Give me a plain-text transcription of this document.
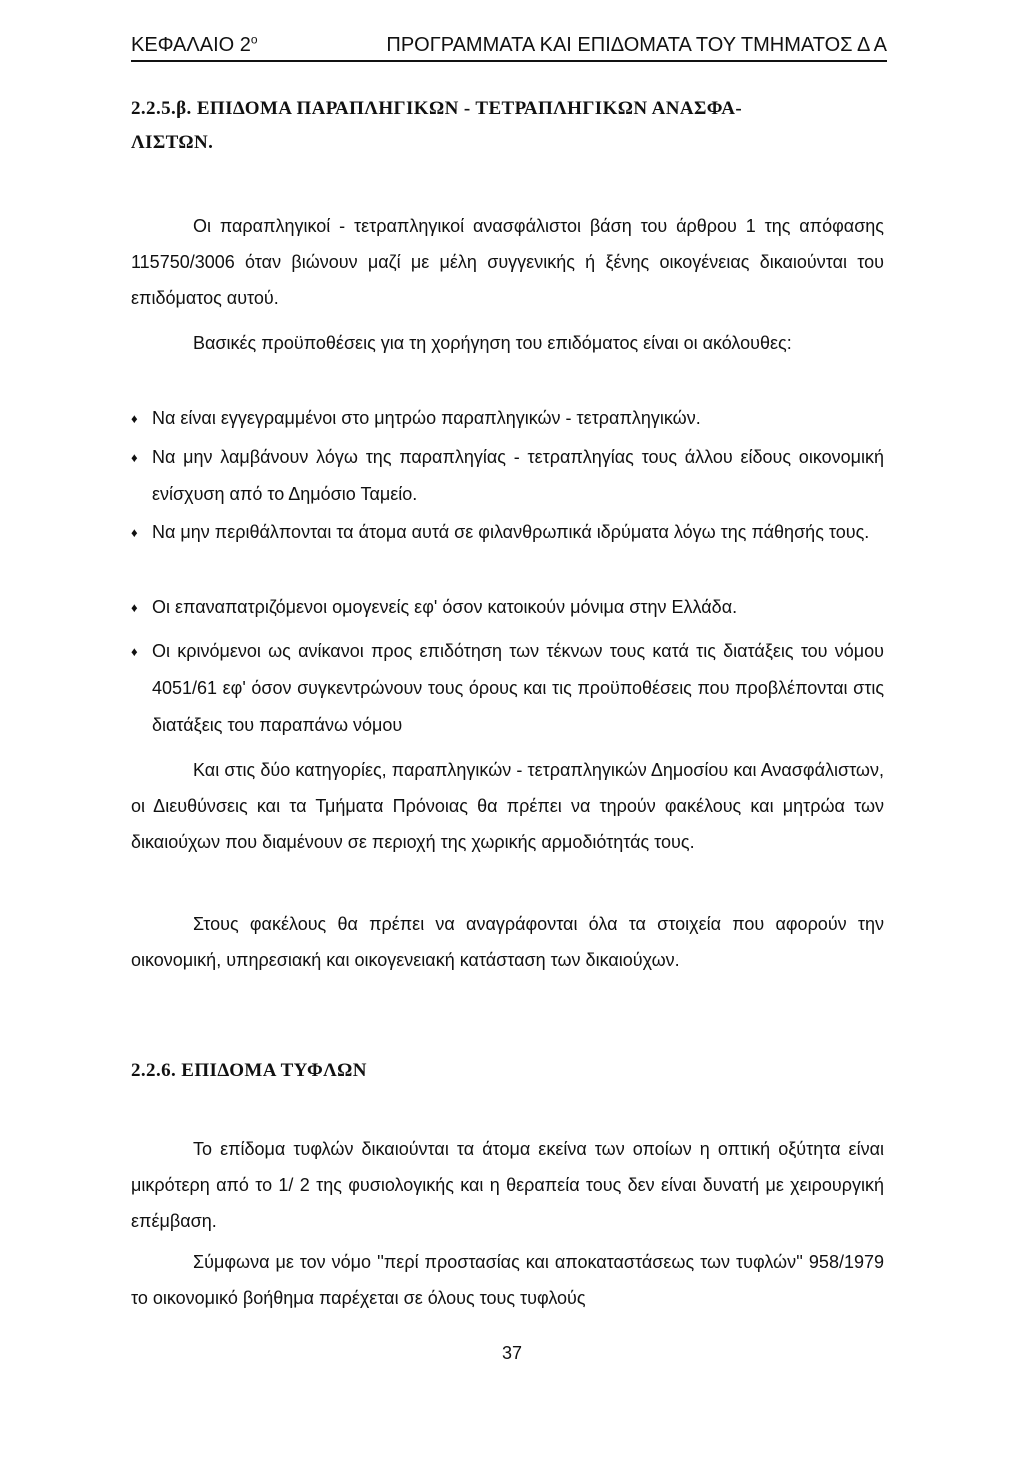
ΚΕΦΑΛΑΙΟ $2^o$	ΠΡΟΓΡΑΜΜΑΤΑ ΚΑΙ ΕΠΙΔΟΜΑΤΑ ΤΟΥ ΤΜΗΜΑΤΟΣ Δ Α
2.2.5.β. ΕΠΙΔΟΜΑ ΠΑΡΑΠΛΗΓΙΚΩΝ - ΤΕΤΡΑΠΛΗΓΙΚΩΝ ΑΝΑΣΦΑ-
ΛΙΣΤΩΝ.
Οι παραπληγικοί - τετραπληγικοί ανασφάλιστοι βάση του άρθρου 1 της απόφασης 115750/3006 όταν βιώνουν μαζί με μέλη συγγενικής ή ξένης οικογένειας δικαιούνται του επιδόματος αυτού.
Βασικές προϋποθέσεις για τη χορήγηση του επιδόματος είναι οι ακόλουθες:
♦ Να είναι εγγεγραμμένοι στο μητρώο παραπληγικών - τετραπληγικών.
♦ Να μην λαμβάνουν λόγω της παραπληγίας - τετραπληγίας τους άλλου είδους οικονομική ενίσχυση από το Δημόσιο Ταμείο.
♦ Να μην περιθάλπονται τα άτομα αυτά σε φιλανθρωπικά ιδρύματα λόγω της πάθησής τους.
♦ Οι επαναπατριζόμενοι ομογενείς εφ' όσον κατοικούν μόνιμα στην Ελλάδα.
♦ Οι κρινόμενοι ως ανίκανοι προς επιδότηση των τέκνων τους κατά τις διατάξεις του νόμου 4051/61 εφ' όσον συγκεντρώνουν τους όρους και τις προϋποθέσεις που προβλέπονται στις διατάξεις του παραπάνω νόμου
Και στις δύο κατηγορίες, παραπληγικών - τετραπληγικών Δημοσίου και Ανασφάλιστων, οι Διευθύνσεις και τα Τμήματα Πρόνοιας θα πρέπει να τηρούν φακέλους και μητρώα των δικαιούχων που διαμένουν σε περιοχή της χωρικής αρμοδιότητάς τους.
Στους φακέλους θα πρέπει να αναγράφονται όλα τα στοιχεία που αφορούν την οικονομική, υπηρεσιακή και οικογενειακή κατάσταση των δικαιούχων.
2.2.6. ΕΠΙΔΟΜΑ ΤΥΦΛΩΝ
Το επίδομα τυφλών δικαιούνται τα άτομα εκείνα των οποίων η οπτική οξύτητα είναι μικρότερη από το 1/ 2 της φυσιολογικής και η θεραπεία τους δεν είναι δυνατή με χειρουργική επέμβαση.
Σύμφωνα με τον νόμο ''περί προστασίας και αποκαταστάσεως των τυφλών'' 958/1979 το οικονομικό βοήθημα παρέχεται σε όλους τους τυφλούς
37
